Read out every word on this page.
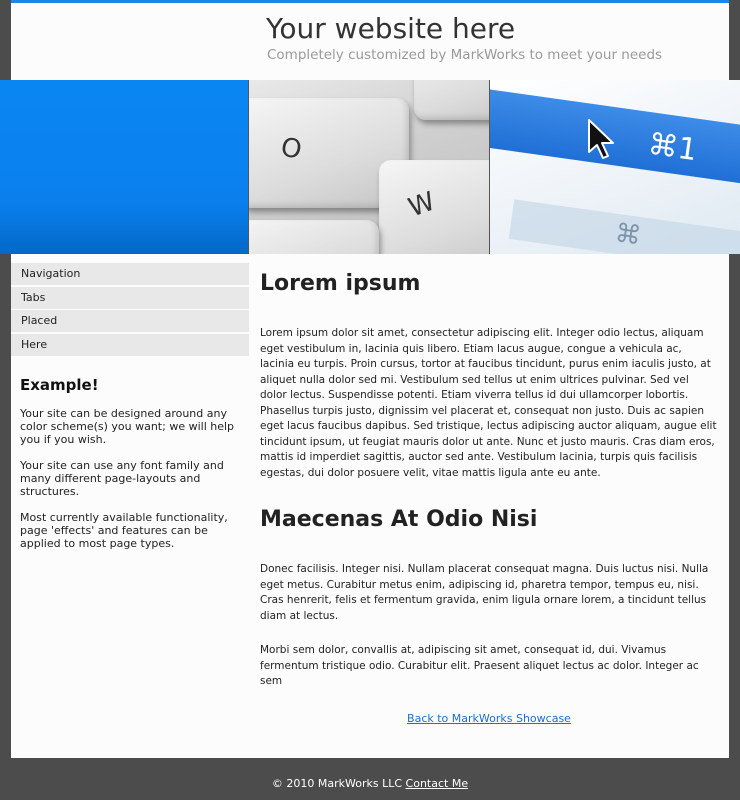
Your website here
Completely customized by MarkWorks to meet your needs
O
W
⌘1
⌘
Navigation
Tabs
Placed
Here
Example!

Your site can be designed around any color scheme(s) you want; we will help you if you wish.

Your site can use any font family and many different page-layouts and structures.

Most currently available functionality, page 'effects' and features can be applied to most page types.

Lorem ipsum

Lorem ipsum dolor sit amet, consectetur adipiscing elit. Integer odio lectus, aliquam eget vestibulum in, lacinia quis libero. Etiam lacus augue, congue a vehicula ac, lacinia eu turpis. Proin cursus, tortor at faucibus tincidunt, purus enim iaculis justo, at aliquet nulla dolor sed mi. Vestibulum sed tellus ut enim ultrices pulvinar. Sed vel dolor lectus. Suspendisse potenti. Etiam viverra tellus id dui ullamcorper lobortis. Phasellus turpis justo, dignissim vel placerat et, consequat non justo. Duis ac sapien eget lacus faucibus dapibus. Sed tristique, lectus adipiscing auctor aliquam, augue elit tincidunt ipsum, ut feugiat mauris dolor ut ante. Nunc et justo mauris. Cras diam eros, mattis id imperdiet sagittis, auctor sed ante. Vestibulum lacinia, turpis quis facilisis egestas, dui dolor posuere velit, vitae mattis ligula ante eu ante.

Maecenas At Odio Nisi

Donec facilisis. Integer nisi. Nullam placerat consequat magna. Duis luctus nisi. Nulla eget metus. Curabitur metus enim, adipiscing id, pharetra tempor, tempus eu, nisi. Cras henrerit, felis et fermentum gravida, enim ligula ornare lorem, a tincidunt tellus diam at lectus.

Morbi sem dolor, convallis at, adipiscing sit amet, consequat id, dui. Vivamus fermentum tristique odio. Curabitur elit. Praesent aliquet lectus ac dolor. Integer ac sem

Back to MarkWorks Showcase
© 2010 MarkWorks LLC Contact Me
